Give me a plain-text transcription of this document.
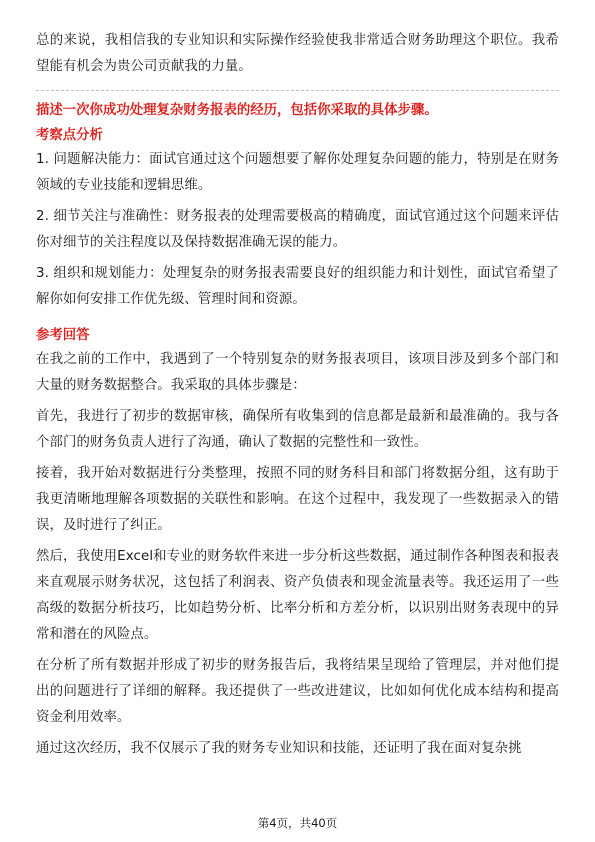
总的来说，我相信我的专业知识和实际操作经验使我非常适合财务助理这个职位。我希望能有机会为贵公司贡献我的力量。

描述一次你成功处理复杂财务报表的经历，包括你采取的具体步骤。
考察点分析

1. 问题解决能力：面试官通过这个问题想要了解你处理复杂问题的能力，特别是在财务领域的专业技能和逻辑思维。

2. 细节关注与准确性：财务报表的处理需要极高的精确度，面试官通过这个问题来评估你对细节的关注程度以及保持数据准确无误的能力。

3. 组织和规划能力：处理复杂的财务报表需要良好的组织能力和计划性，面试官希望了解你如何安排工作优先级、管理时间和资源。

参考回答

在我之前的工作中，我遇到了一个特别复杂的财务报表项目，该项目涉及到多个部门和大量的财务数据整合。我采取的具体步骤是：

首先，我进行了初步的数据审核，确保所有收集到的信息都是最新和最准确的。我与各个部门的财务负责人进行了沟通，确认了数据的完整性和一致性。

接着，我开始对数据进行分类整理，按照不同的财务科目和部门将数据分组，这有助于我更清晰地理解各项数据的关联性和影响。在这个过程中，我发现了一些数据录入的错误，及时进行了纠正。

然后，我使用Excel和专业的财务软件来进一步分析这些数据，通过制作各种图表和报表来直观展示财务状况，这包括了利润表、资产负债表和现金流量表等。我还运用了一些高级的数据分析技巧，比如趋势分析、比率分析和方差分析，以识别出财务表现中的异常和潜在的风险点。

在分析了所有数据并形成了初步的财务报告后，我将结果呈现给了管理层，并对他们提出的问题进行了详细的解释。我还提供了一些改进建议，比如如何优化成本结构和提高资金利用效率。

通过这次经历，我不仅展示了我的财务专业知识和技能，还证明了我在面对复杂挑

第4页，共40页
